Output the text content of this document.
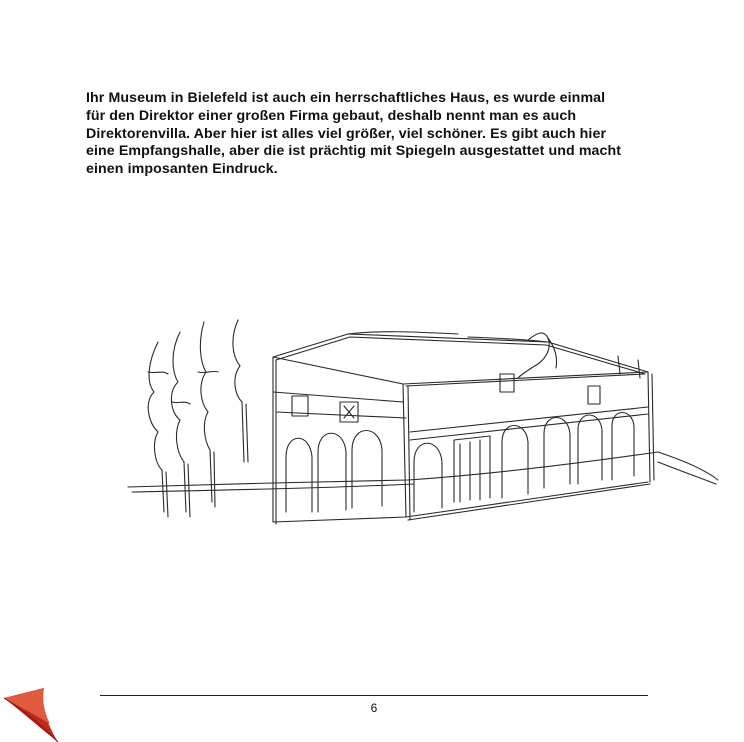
Ihr Museum in Bielefeld ist auch ein herrschaftliches Haus, es wurde einmal
für den Direktor einer großen Firma gebaut, deshalb nennt man es auch
Direktorenvilla. Aber hier ist alles viel größer, viel schöner. Es gibt auch hier
eine Empfangshalle, aber die ist prächtig mit Spiegeln ausgestattet und macht
einen imposanten Eindruck.

6
